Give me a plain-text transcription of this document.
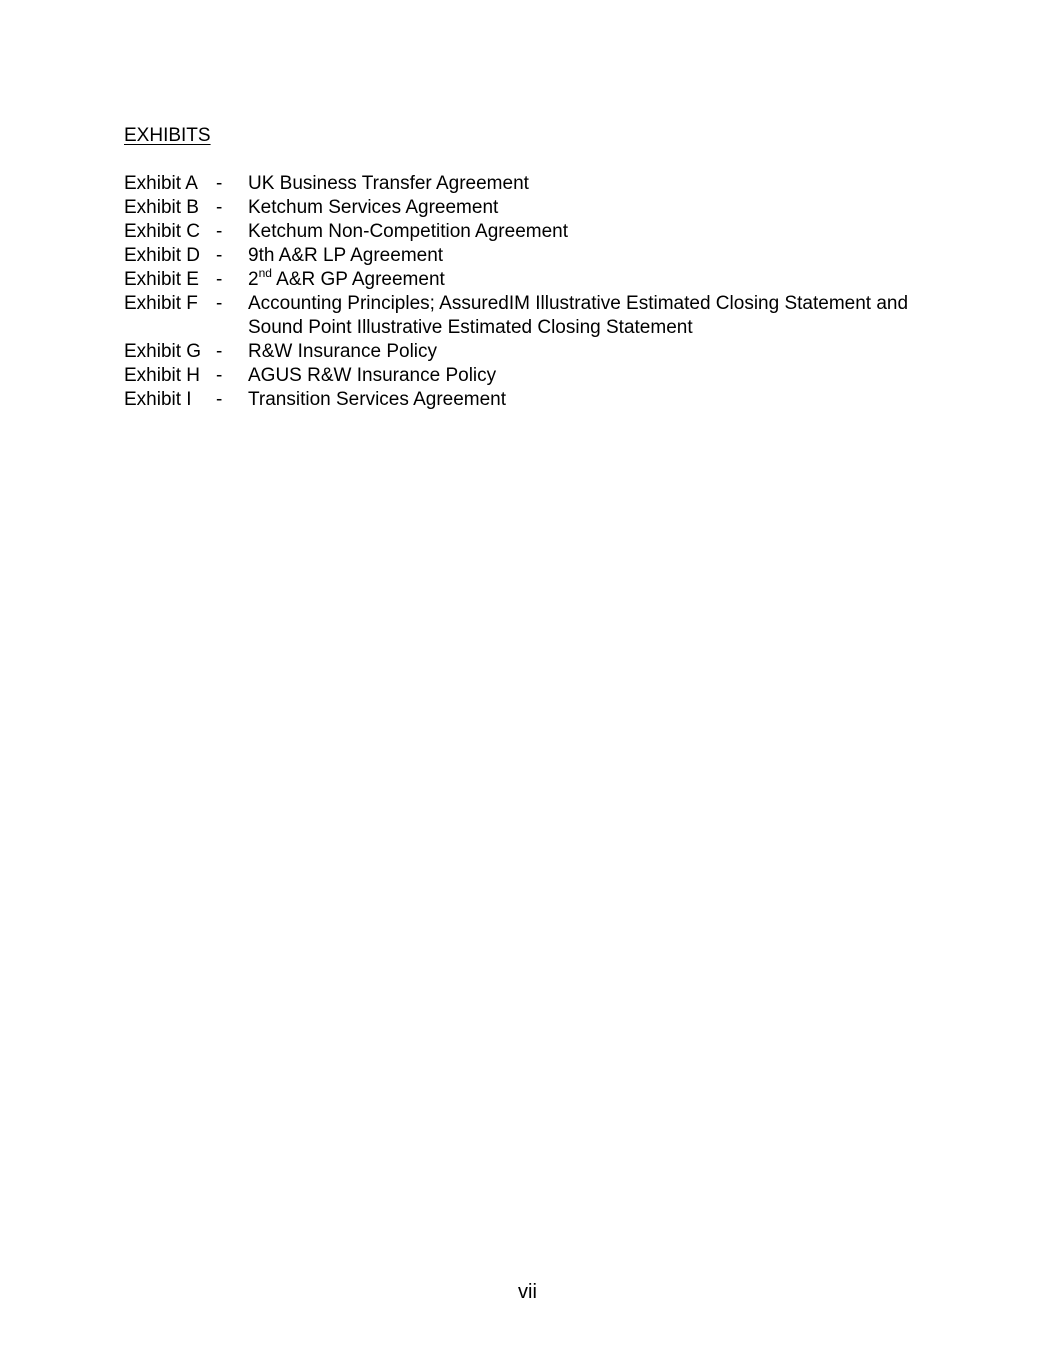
EXHIBITS
Exhibit A -	UK Business Transfer Agreement
Exhibit B -	Ketchum Services Agreement
Exhibit C -	Ketchum Non-Competition Agreement
Exhibit D -	9th A&R LP Agreement
Exhibit E -	2nd A&R GP Agreement
Exhibit F -	Accounting Principles; AssuredIM Illustrative Estimated Closing Statement and Sound Point Illustrative Estimated Closing Statement
Exhibit G -	R&W Insurance Policy
Exhibit H -	AGUS R&W Insurance Policy
Exhibit I	-	Transition Services Agreement
vii
